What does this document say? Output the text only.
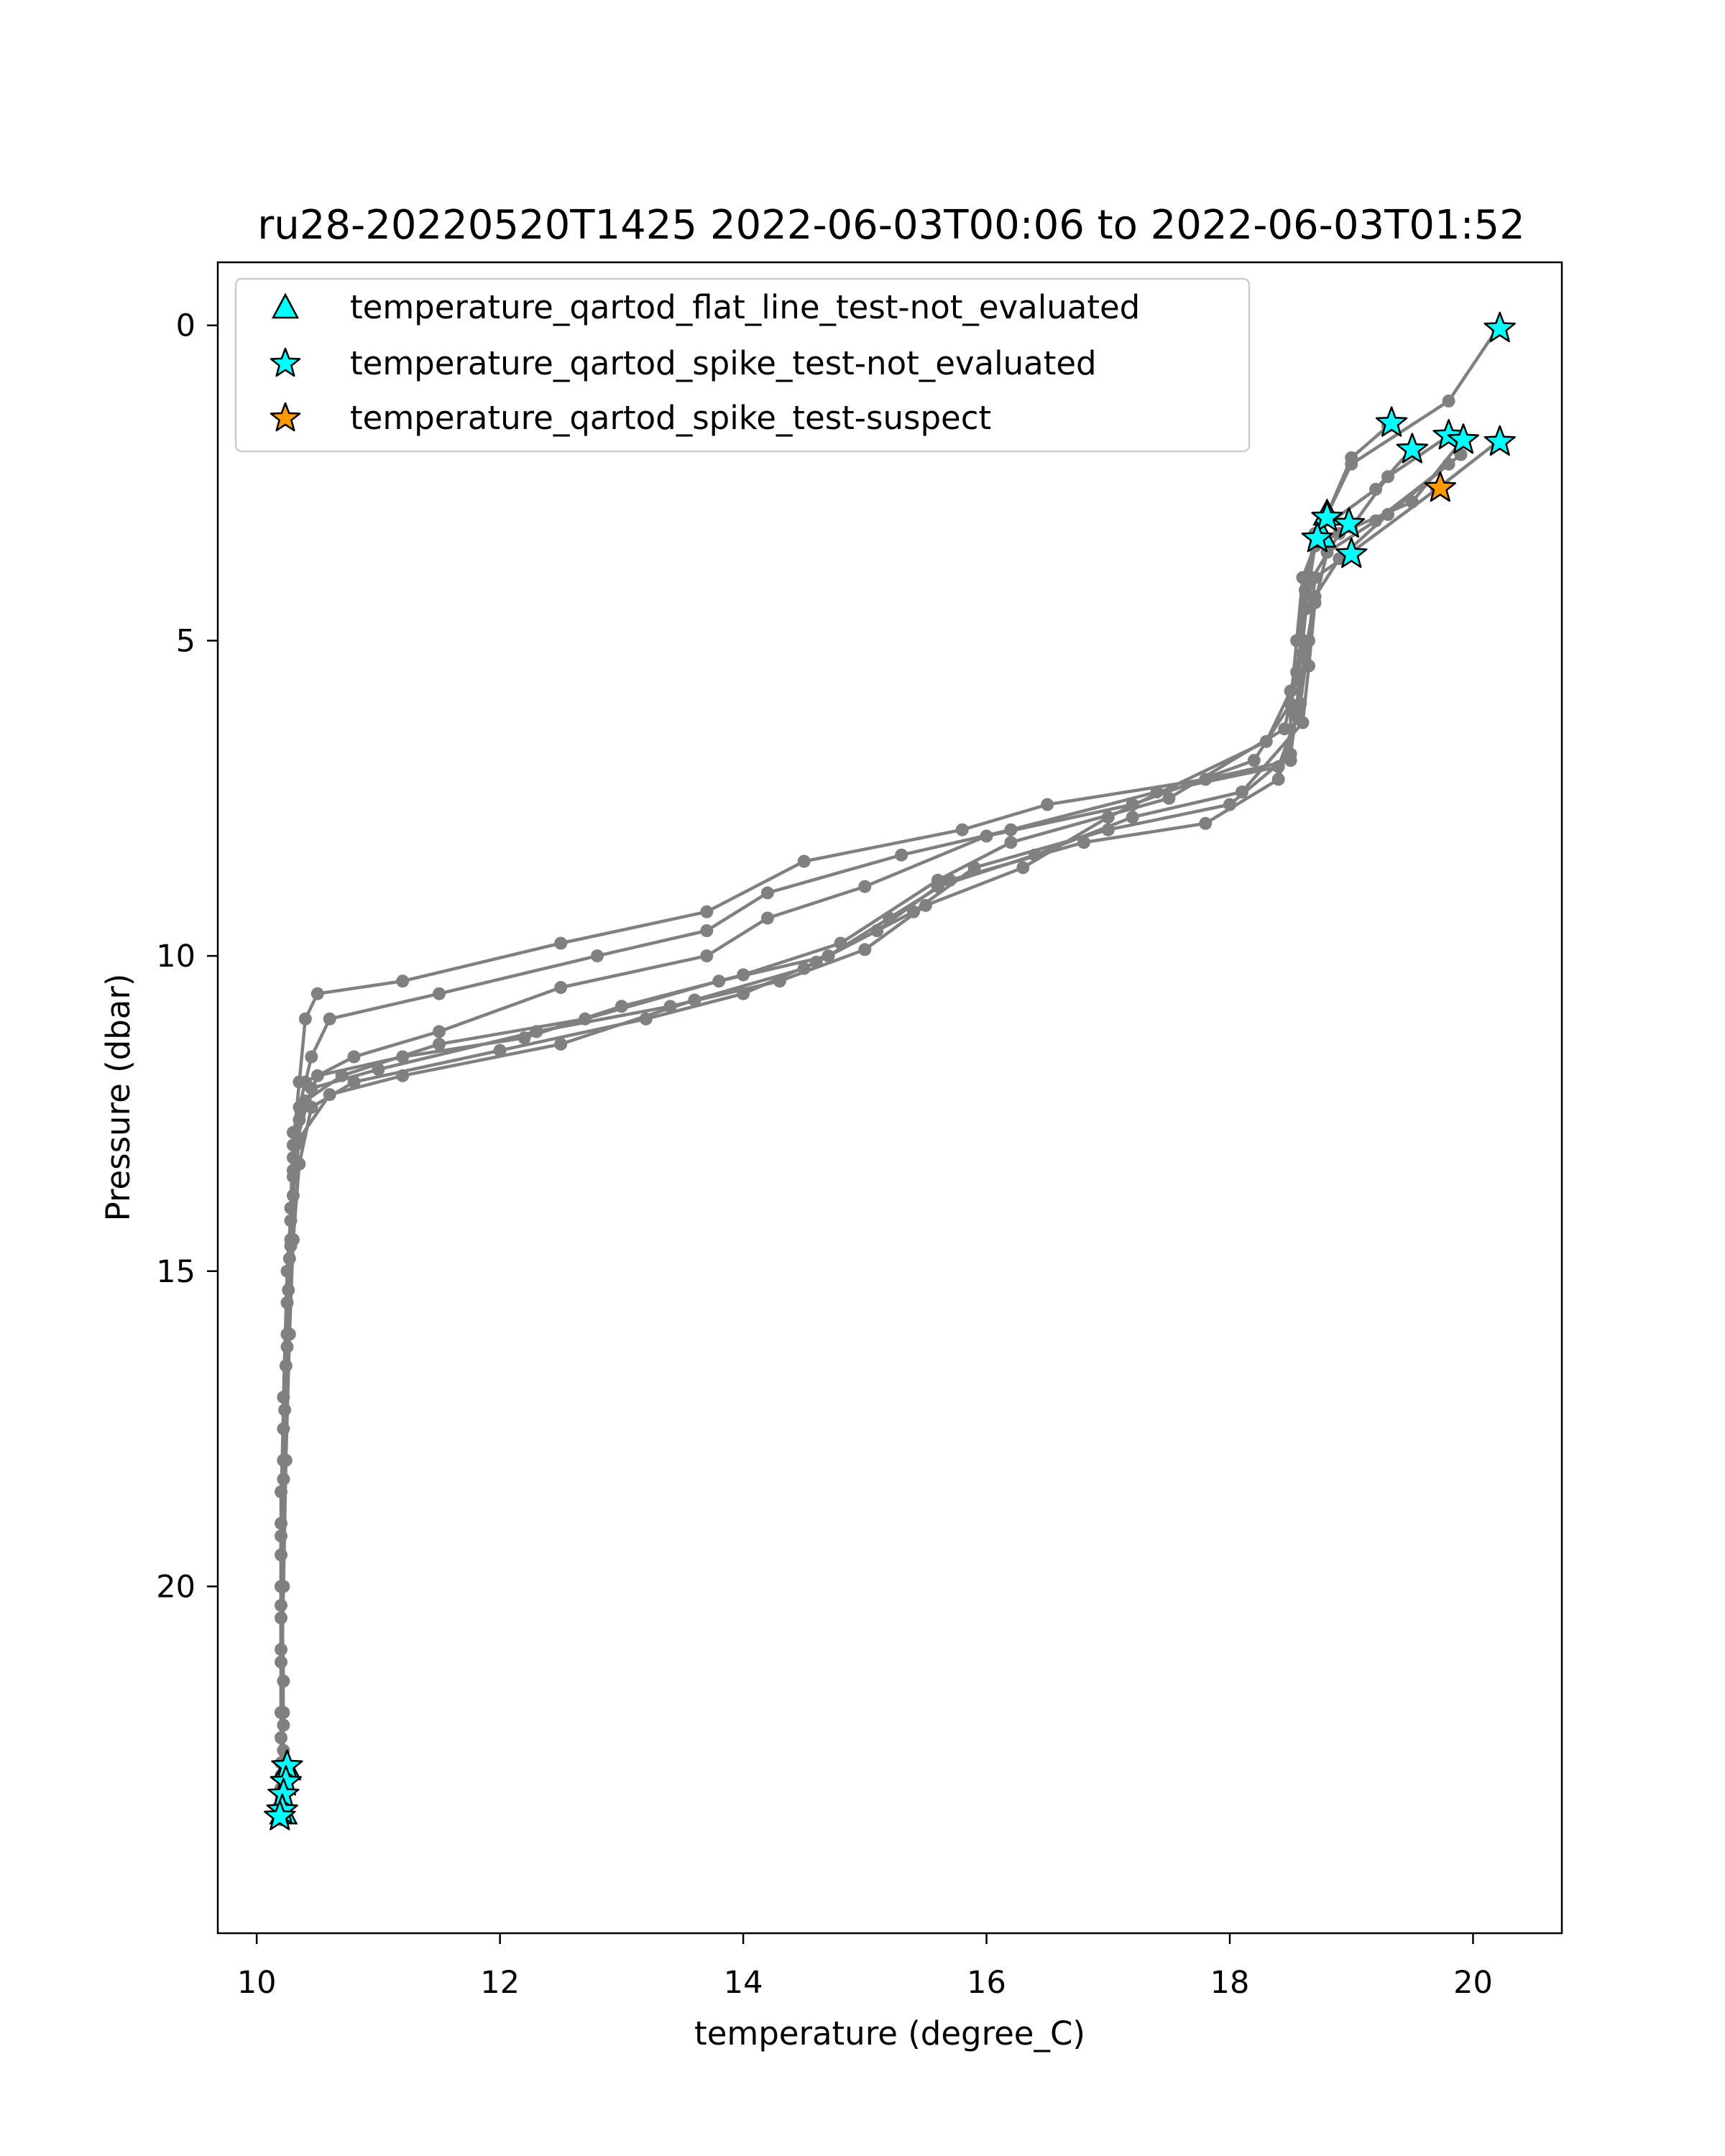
ru28-20220520T1425 2022-06-03T00:06 to 2022-06-03T01:52
10	12	14	16	18	20
0
5
10
15
20
temperature (degree_C)
Pressure (dbar)
temperature_qartod_flat_line_test-not_evaluated
temperature_qartod_spike_test-not_evaluated
temperature_qartod_spike_test-suspect
